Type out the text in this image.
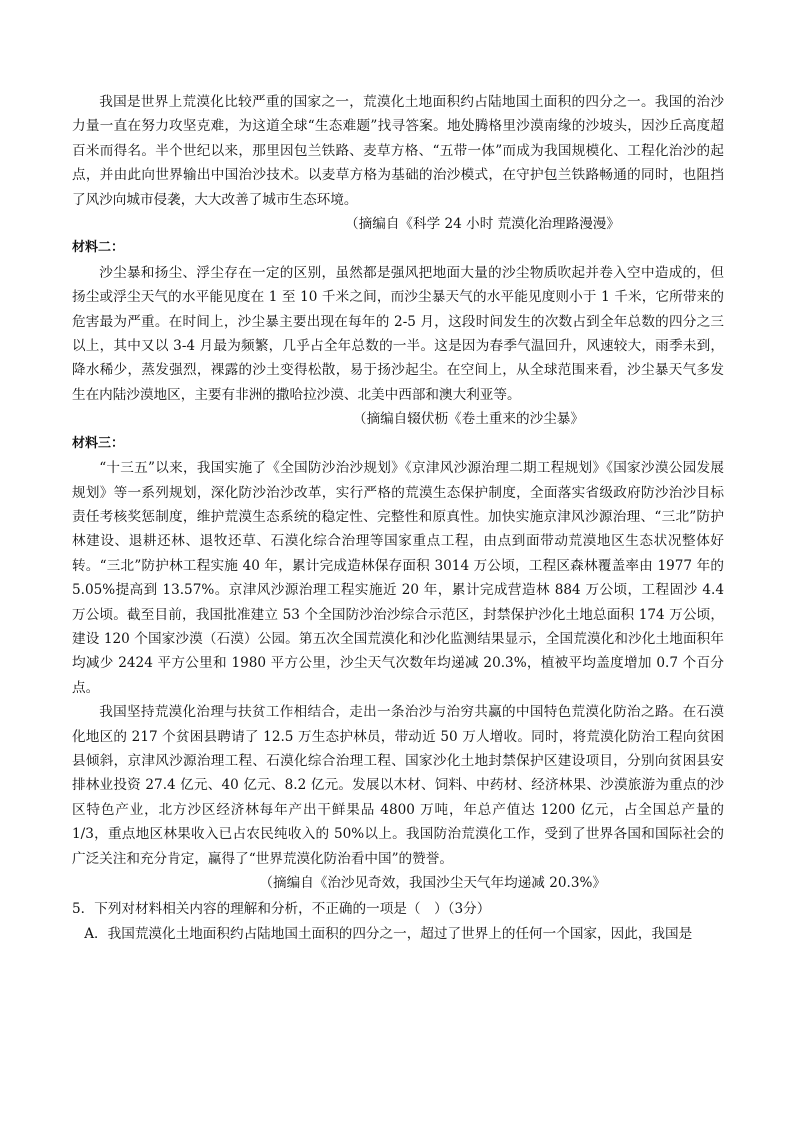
我国是世界上荒漠化比较严重的国家之一，荒漠化土地面积约占陆地国土面积的四分之一。我国的治沙力量一直在努力攻坚克难，为这道全球“生态难题”找寻答案。地处腾格里沙漠南缘的沙坡头，因沙丘高度超百米而得名。半个世纪以来，那里因包兰铁路、麦草方格、“五带一体”而成为我国规模化、工程化治沙的起点，并由此向世界输出中国治沙技术。以麦草方格为基础的治沙模式，在守护包兰铁路畅通的同时，也阻挡了风沙向城市侵袭，大大改善了城市生态环境。

（摘编自《科学 24 小时 荒漠化治理路漫漫》

材料二：

沙尘暴和扬尘、浮尘存在一定的区别，虽然都是强风把地面大量的沙尘物质吹起并卷入空中造成的，但扬尘或浮尘天气的水平能见度在 1 至 10 千米之间，而沙尘暴天气的水平能见度则小于 1 千米，它所带来的危害最为严重。在时间上，沙尘暴主要出现在每年的 2-5 月，这段时间发生的次数占到全年总数的四分之三以上，其中又以 3-4 月最为频繁，几乎占全年总数的一半。这是因为春季气温回升，风速较大，雨季未到，降水稀少，蒸发强烈，裸露的沙土变得松散，易于扬沙起尘。在空间上，从全球范围来看，沙尘暴天气多发生在内陆沙漠地区，主要有非洲的撒哈拉沙漠、北美中西部和澳大利亚等。

（摘编自辍伏枥《卷土重来的沙尘暴》

材料三：

“十三五”以来，我国实施了《全国防沙治沙规划》《京津风沙源治理二期工程规划》《国家沙漠公园发展规划》等一系列规划，深化防沙治沙改革，实行严格的荒漠生态保护制度，全面落实省级政府防沙治沙目标责任考核奖惩制度，维护荒漠生态系统的稳定性、完整性和原真性。加快实施京津风沙源治理、“三北”防护林建设、退耕还林、退牧还草、石漠化综合治理等国家重点工程，由点到面带动荒漠地区生态状况整体好转。“三北”防护林工程实施 40 年，累计完成造林保存面积 3014 万公顷，工程区森林覆盖率由 1977 年的 5.05%提高到 13.57%。京津风沙源治理工程实施近 20 年，累计完成营造林 884 万公顷，工程固沙 4.4 万公顷。截至目前，我国批准建立 53 个全国防沙治沙综合示范区，封禁保护沙化土地总面积 174 万公顷，建设 120 个国家沙漠（石漠）公园。第五次全国荒漠化和沙化监测结果显示，全国荒漠化和沙化土地面积年均减少 2424 平方公里和 1980 平方公里，沙尘天气次数年均递减 20.3%，植被平均盖度增加 0.7 个百分点。

我国坚持荒漠化治理与扶贫工作相结合，走出一条治沙与治穷共赢的中国特色荒漠化防治之路。在石漠化地区的 217 个贫困县聘请了 12.5 万生态护林员，带动近 50 万人增收。同时，将荒漠化防治工程向贫困县倾斜，京津风沙源治理工程、石漠化综合治理工程、国家沙化土地封禁保护区建设项目，分别向贫困县安排林业投资 27.4 亿元、40 亿元、8.2 亿元。发展以木材、饲料、中药材、经济林果、沙漠旅游为重点的沙区特色产业，北方沙区经济林每年产出干鲜果品 4800 万吨，年总产值达 1200 亿元，占全国总产量的 1/3，重点地区林果收入已占农民纯收入的 50%以上。我国防治荒漠化工作，受到了世界各国和国际社会的广泛关注和充分肯定，赢得了“世界荒漠化防治看中国”的赞誉。

（摘编自《治沙见奇效，我国沙尘天气年均递减 20.3%》

5．下列对材料相关内容的理解和分析，不正确的一项是（　）（3分）

A．我国荒漠化土地面积约占陆地国土面积的四分之一，超过了世界上的任何一个国家，因此，我国是
